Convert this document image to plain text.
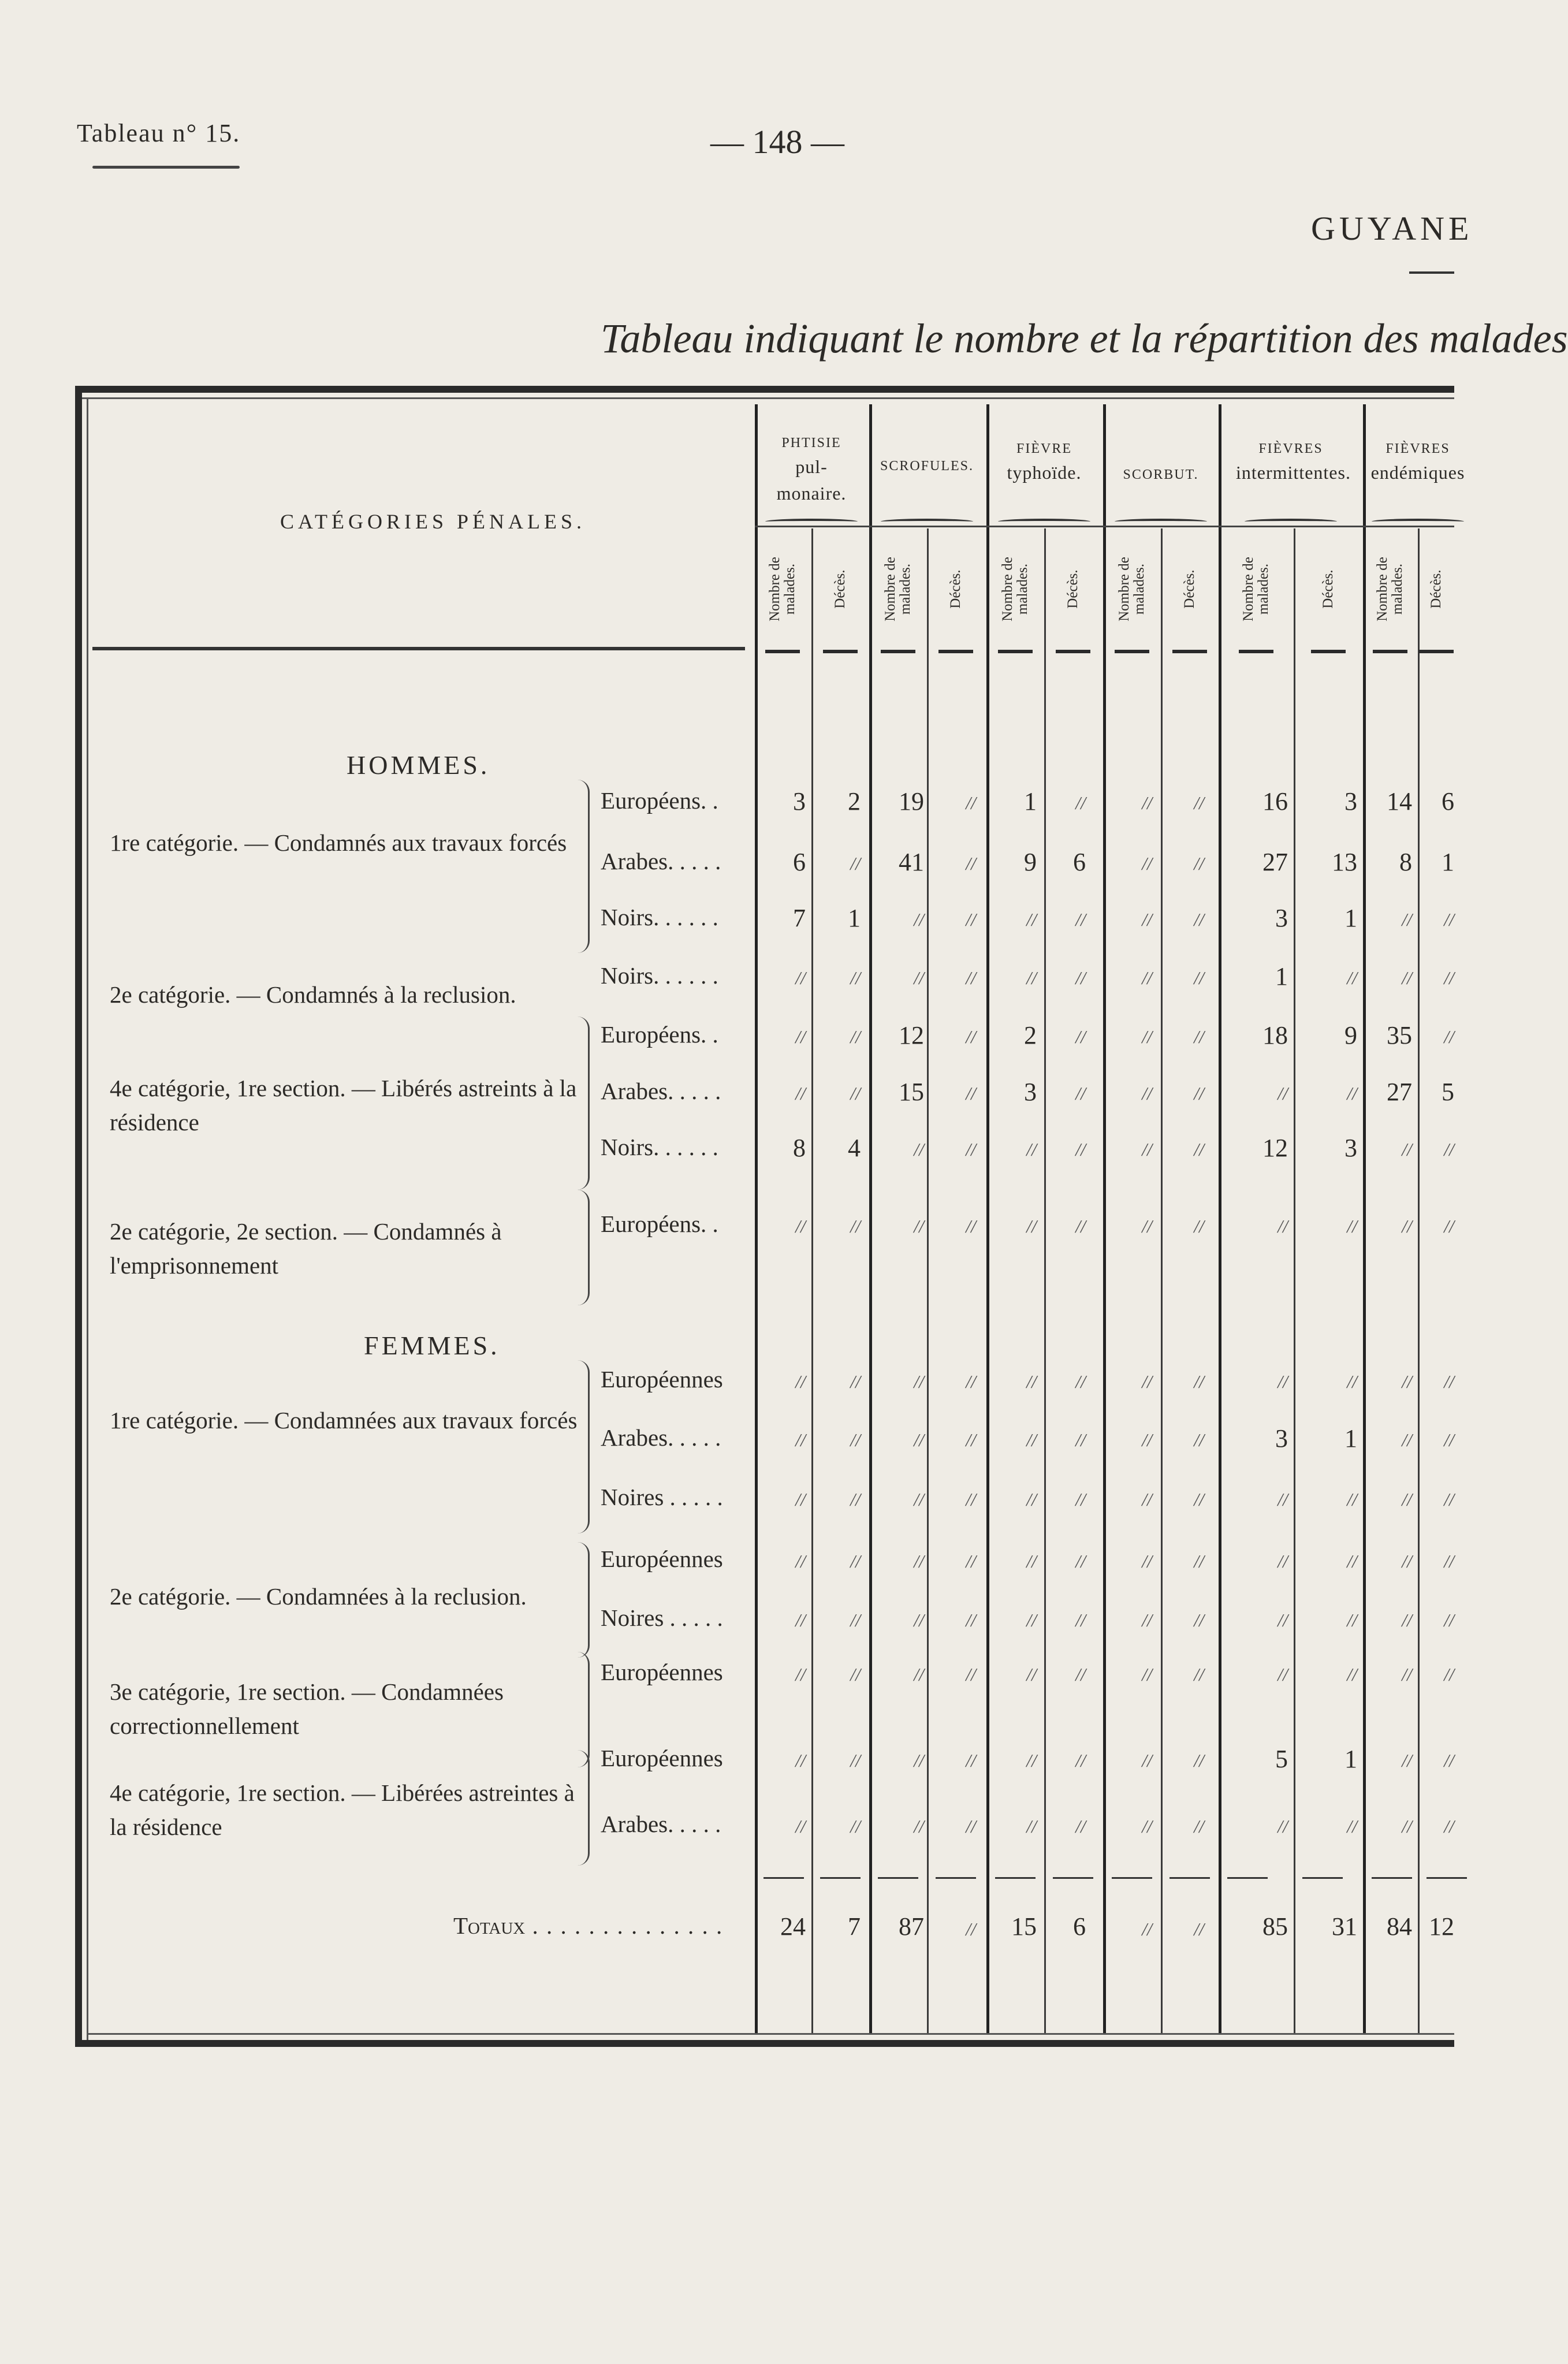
Tableau n° 15.	— 148 —
GUYANE
Tableau indiquant le nombre et la répartition des malades
CATÉGORIES PÉNALES.
PHTISIE
pul-
monaire.
SCROFULES.
FIÈVRE
typhoïde.	SCORBUT.
FIÈVRES
intermittentes.
FIÈVRES
endémiques
Nombre de malades. Décès. Nombre de malades. Décès.	Nombre de malades. Décès. Nombre de malades. Décès.	Nombre de malades.	Décès.	Nombre de malades. Décès.
HOMMES.
1re catégorie. — Condamnés aux travaux forcés
Européens. .	3	2	19	//	1	//	//	//	16	3	14	6
Arabes. . . . .	6	//	41	//	9	6	//	//	27	13	8	1
Noirs. . . . . .	7	1	//	//	//	//	//	//	3	1	//	//
2e catégorie. — Condamnés à la reclusion.
Noirs. . . . . .	//	//	//	//	//	//	//	//	1	//	//	//
4e catégorie, 1re section. — Libérés astreints à la résidence
Européens. .	//	//	12	//	2	//	//	//	18	9	35	//
Arabes. . . . .	//	//	15	//	3	//	//	//	//	//	27	5
Noirs. . . . . .	8	4	//	//	//	//	//	//	12	3	//	//
2e catégorie, 2e section. — Condamnés à l'emprisonnement
Européens. .	//	//	//	//	//	//	//	//	//	//	//	//
FEMMES.
1re catégorie. — Condamnées aux travaux forcés
Européennes	//	//	//	//	//	//	//	//	//	//	//	//
Arabes. . . . .	//	//	//	//	//	//	//	//	3	1	//	//
Noires . . . . .	//	//	//	//	//	//	//	//	//	//	//	//
2e catégorie. — Condamnées à la reclusion.
Européennes	//	//	//	//	//	//	//	//	//	//	//	//
Noires . . . . .	//	//	//	//	//	//	//	//	//	//	//	//
3e catégorie, 1re section. — Condamnées correctionnellement
Européennes	//	//	//	//	//	//	//	//	//	//	//	//
4e catégorie, 1re section. — Libérées astreintes à la résidence
Européennes	//	//	//	//	//	//	//	//	5	1	//	//
Arabes. . . . .	//	//	//	//	//	//	//	//	//	//	//	//
Totaux . . . . . . . . . . . . . .	24	7	87	//	15	6	//	//	85	31	84 12
